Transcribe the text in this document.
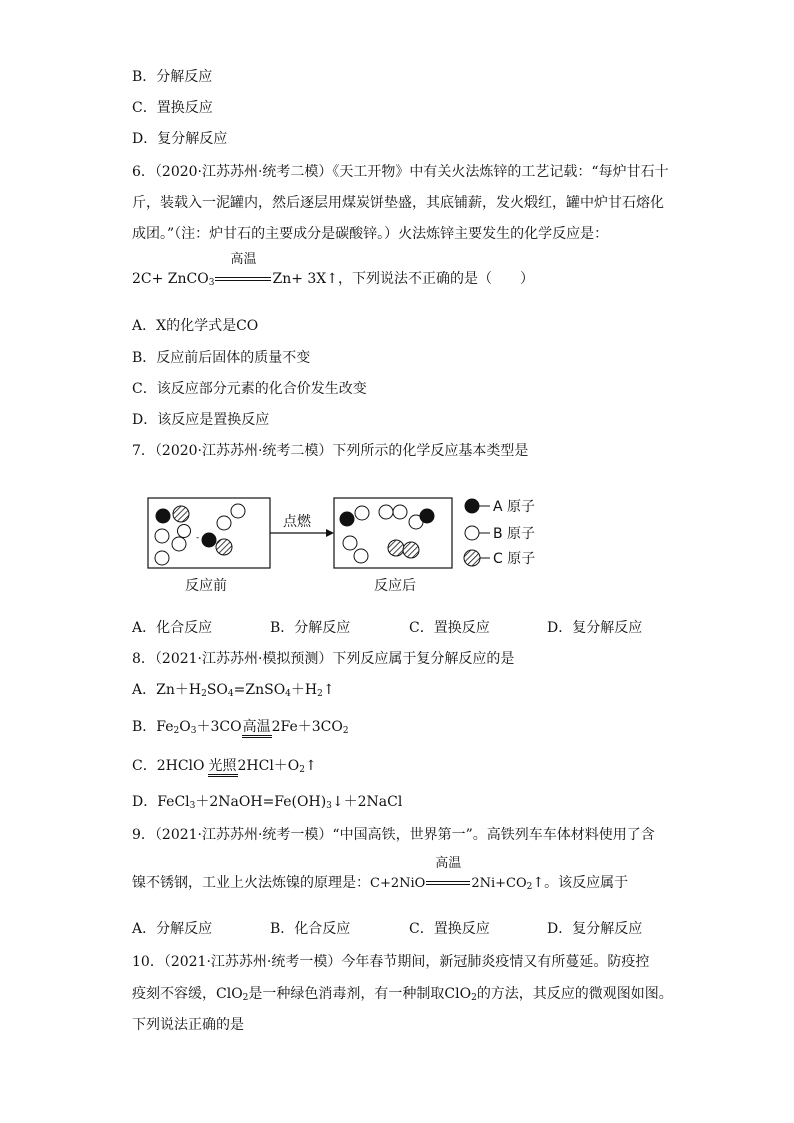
B．分解反应
C．置换反应
D．复分解反应
6．（2020·江苏苏州·统考二模）《天工开物》中有关火法炼锌的工艺记载：“每炉甘石十
斤，装载入一泥罐内，然后逐层用煤炭饼垫盛，其底铺薪，发火煅红，罐中炉甘石熔化
成团。”（注：炉甘石的主要成分是碳酸锌。）火法炼锌主要发生的化学反应是：
2C+ ZnCO$_3$
高温
Zn+ 3X↑，下列说法不正确的是（　　）
A．X的化学式是CO
B．反应前后固体的质量不变
C．该反应部分元素的化合价发生改变
D．该反应是置换反应
7．（2020·江苏苏州·统考二模）下列所示的化学反应基本类型是
-
点燃
反应前	反应后
A 原子
B 原子
C 原子
A．化合反应	B．分解反应	C．置换反应	D．复分解反应
8．（2021·江苏苏州·模拟预测）下列反应属于复分解反应的是
A．$Zn+H_2SO_4=ZnSO_4+H_2↑$
B．$Fe_2O_3+3CO$高温$2Fe+3CO_2$
C．2HClO 光照$2HCl+O_2↑$
D．$FeCl_3+2NaOH=Fe(OH)_3↓+2NaCl$
9．（2021·江苏苏州·统考一模）“中国高铁，世界第一”。高铁列车车体材料使用了含
镍不锈钢，工业上火法炼镍的原理是：C+2NiO
高温
$2Ni+CO_2↑$。该反应属于
A．分解反应	B．化合反应	C．置换反应	D．复分解反应
10．（2021·江苏苏州·统考一模）今年春节期间，新冠肺炎疫情又有所蔓延。防疫控
疫刻不容缓，ClO$_2$是一种绿色消毒剂，有一种制取ClO$_2$的方法，其反应的微观图如图。
下列说法正确的是
